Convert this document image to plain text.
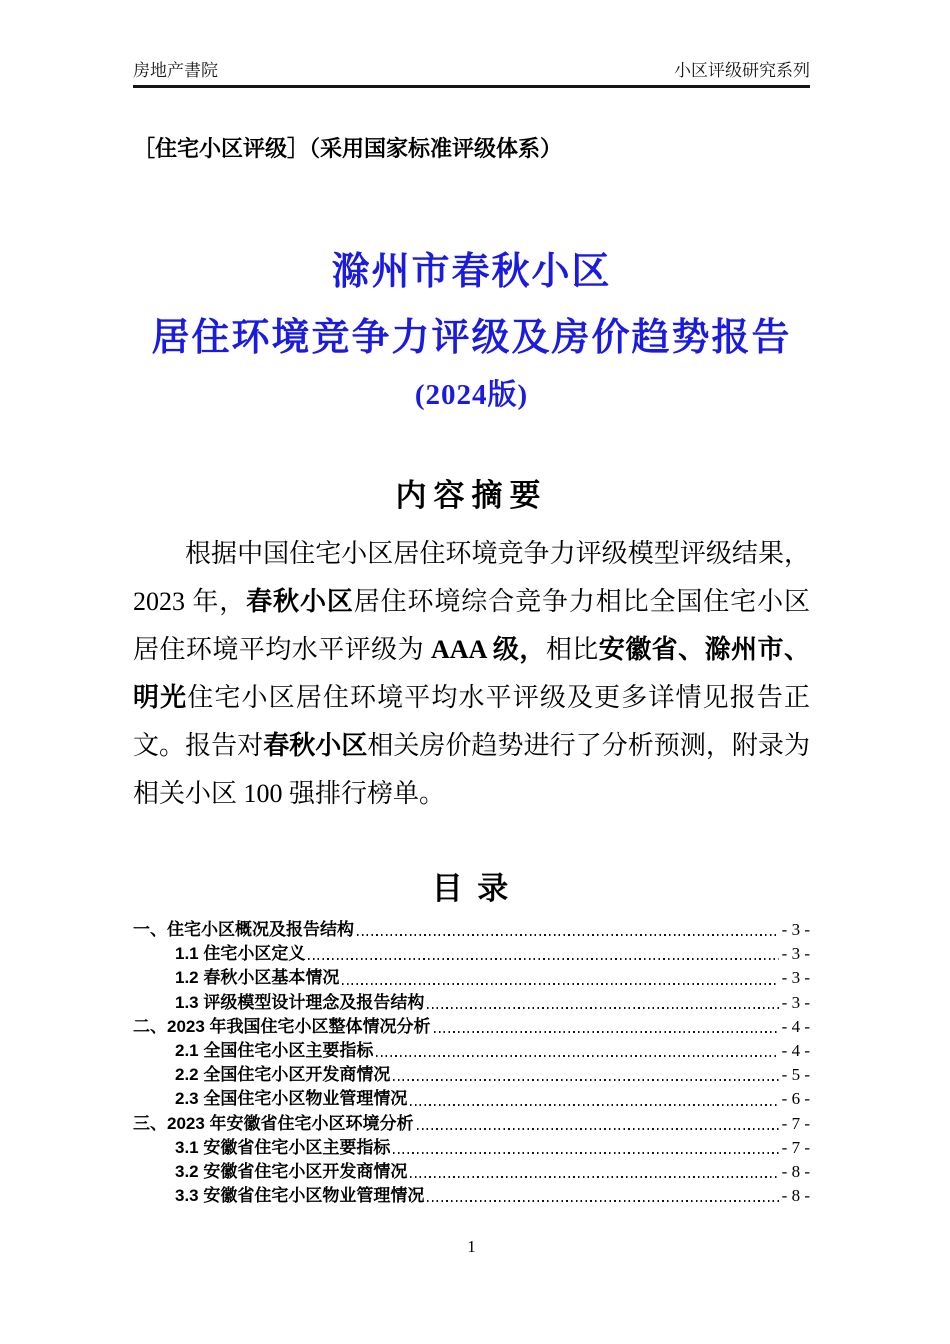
房地产書院	小区评级研究系列
［住宅小区评级］（采用国家标准评级体系）
滁州市春秋小区
居住环境竞争力评级及房价趋势报告
(2024版)
内容摘要

根据中国住宅小区居住环境竞争力评级模型评级结果，2023 年，春秋小区居住环境综合竞争力相比全国住宅小区居住环境平均水平评级为 AAA 级，相比安徽省、滁州市、明光住宅小区居住环境平均水平评级及更多详情见报告正文。报告对春秋小区相关房价趋势进行了分析预测，附录为相关小区 100 强排行榜单。

目 录
一、住宅小区概况及报告结构	- 3 -
1.1 住宅小区定义	- 3 -
1.2 春秋小区基本情况	- 3 -
1.3 评级模型设计理念及报告结构	- 3 -
二、2023 年我国住宅小区整体情况分析	- 4 -
2.1 全国住宅小区主要指标	- 4 -
2.2 全国住宅小区开发商情况	- 5 -
2.3 全国住宅小区物业管理情况	- 6 -
三、2023 年安徽省住宅小区环境分析	- 7 -
3.1 安徽省住宅小区主要指标	- 7 -
3.2 安徽省住宅小区开发商情况	- 8 -
3.3 安徽省住宅小区物业管理情况	- 8 -
1
